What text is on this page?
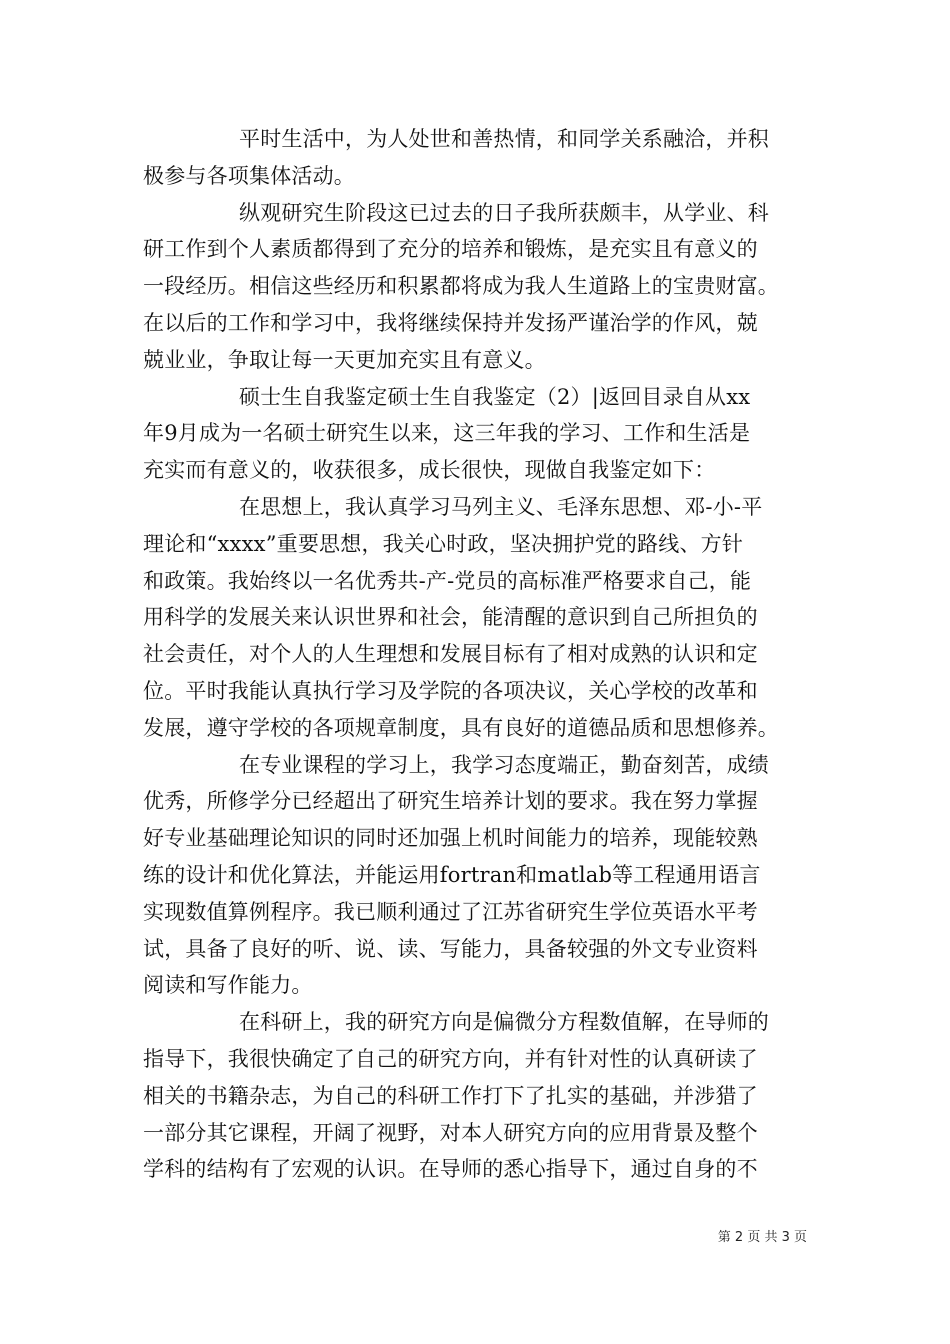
平时生活中，为人处世和善热情，和同学关系融洽，并积
极参与各项集体活动。
纵观研究生阶段这已过去的日子我所获颇丰，从学业、科
研工作到个人素质都得到了充分的培养和锻炼，是充实且有意义的
一段经历。相信这些经历和积累都将成为我人生道路上的宝贵财富。
在以后的工作和学习中，我将继续保持并发扬严谨治学的作风，兢
兢业业，争取让每一天更加充实且有意义。
硕士生自我鉴定硕士生自我鉴定（2）|返回目录自从xx
年9月成为一名硕士研究生以来，这三年我的学习、工作和生活是
充实而有意义的，收获很多，成长很快，现做自我鉴定如下：
在思想上，我认真学习马列主义、毛泽东思想、邓-小-平
理论和“xxxx”重要思想，我关心时政，坚决拥护党的路线、方针
和政策。我始终以一名优秀共-产-党员的高标准严格要求自己，能
用科学的发展关来认识世界和社会，能清醒的意识到自己所担负的
社会责任，对个人的人生理想和发展目标有了相对成熟的认识和定
位。平时我能认真执行学习及学院的各项决议，关心学校的改革和
发展，遵守学校的各项规章制度，具有良好的道德品质和思想修养。
在专业课程的学习上，我学习态度端正，勤奋刻苦，成绩
优秀，所修学分已经超出了研究生培养计划的要求。我在努力掌握
好专业基础理论知识的同时还加强上机时间能力的培养，现能较熟
练的设计和优化算法，并能运用fortran和matlab等工程通用语言
实现数值算例程序。我已顺利通过了江苏省研究生学位英语水平考
试，具备了良好的听、说、读、写能力，具备较强的外文专业资料
阅读和写作能力。
在科研上，我的研究方向是偏微分方程数值解，在导师的
指导下，我很快确定了自己的研究方向，并有针对性的认真研读了
相关的书籍杂志，为自己的科研工作打下了扎实的基础，并涉猎了
一部分其它课程，开阔了视野，对本人研究方向的应用背景及整个
学科的结构有了宏观的认识。在导师的悉心指导下，通过自身的不
第 2 页 共 3 页
